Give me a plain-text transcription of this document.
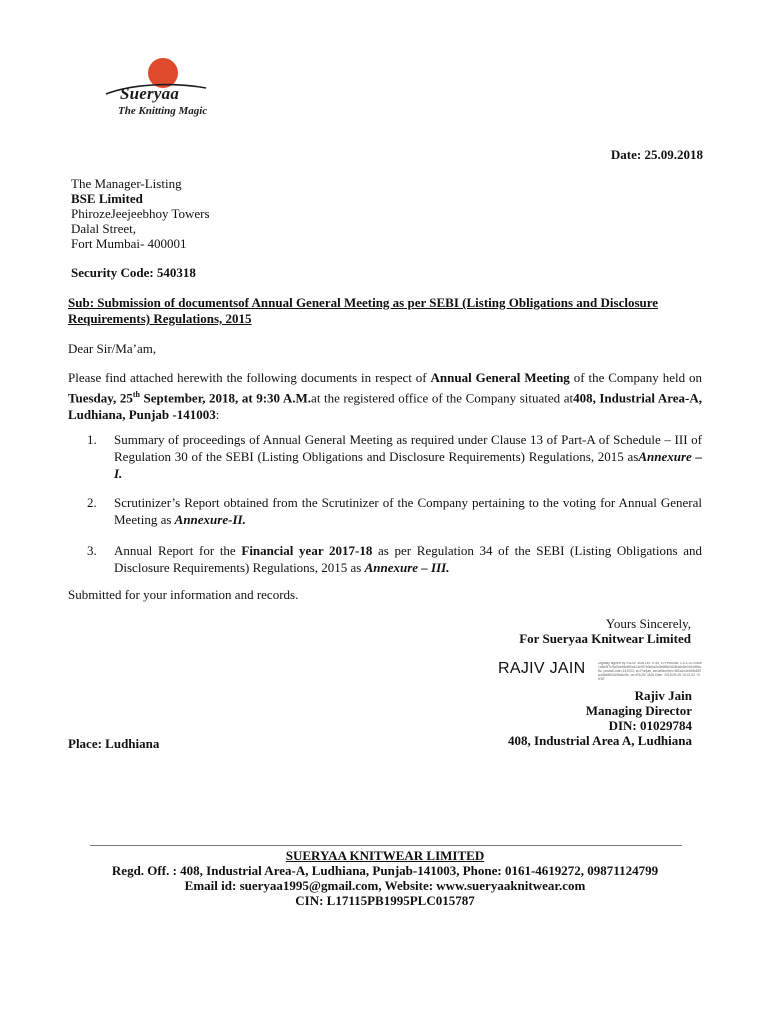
Sueryaa
The Knitting Magic
Date: 25.09.2018
The Manager-Listing
BSE Limited
PhirozeJeejeebhoy Towers
Dalal Street,
Fort Mumbai- 400001
Security Code: 540318
Sub: Submission of documentsof Annual General Meeting as per SEBI (Listing Obligations and Disclosure
Requirements) Regulations, 2015
Dear Sir/Ma’am,
Please find attached herewith the following documents in respect of Annual General Meeting of the Company held on Tuesday, 25th September, 2018, at 9:30 A.M.at the registered office of the Company situated at408, Industrial Area-A, Ludhiana, Punjab -141003:
1. Summary of proceedings of Annual General Meeting as required under Clause 13 of Part-A of Schedule – III of Regulation 30 of the SEBI (Listing Obligations and Disclosure Requirements) Regulations, 2015 asAnnexure – I.
2. Scrutinizer’s Report obtained from the Scrutinizer of the Company pertaining to the voting for Annual General Meeting as Annexure-II.
3. Annual Report for the Financial year 2017-18 as per Regulation 34 of the SEBI (Listing Obligations and Disclosure Requirements) Regulations, 2015 as Annexure – III.
Submitted for your information and records.
Yours Sincerely,
For Sueryaa Knitwear Limited
RAJIV JAIN	Digitally signed by RAJIV JAIN DN: c=IN, o=Personal, 2.5.4.20=0d6b1a5e3f7c9a2b4d6e8f0a1c3e5f7b9d0a2c4e6f8b0d2f4a6c8e0b2d4f6a8c, postalCode=141003, st=Punjab, serialNumber=8f2a1c4e6b8d0f2a4c6e8b0d2f4a6c8e, cn=RAJIV JAIN Date: 2018.09.25 16:41:32 +05'30'
Rajiv Jain
Managing Director
DIN: 01029784
408, Industrial Area A, Ludhiana
Place: Ludhiana
SUERYAA KNITWEAR LIMITED
Regd. Off. : 408, Industrial Area-A, Ludhiana, Punjab-141003, Phone: 0161-4619272, 09871124799
Email id: sueryaa1995@gmail.com, Website: www.sueryaaknitwear.com
CIN: L17115PB1995PLC015787
